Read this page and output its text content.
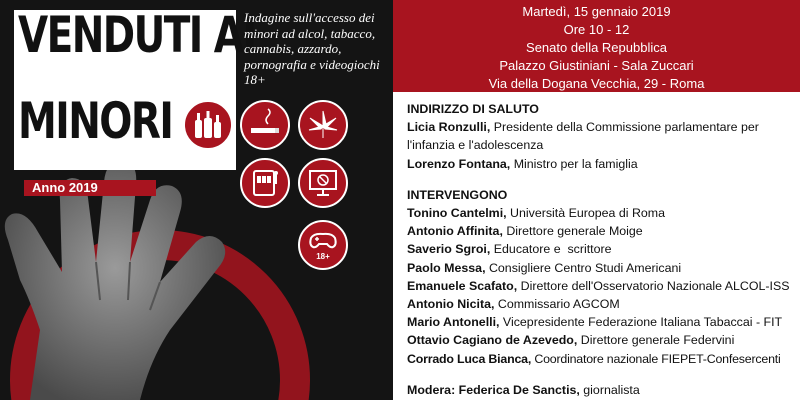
VENDUTI AI
MINORI
Anno 2019
Indagine sull'accesso dei minori ad alcol, tabacco, cannabis, azzardo, pornografia e videogiochi 18+
18+
Martedì, 15 gennaio 2019
Ore 10 - 12
Senato della Repubblica
Palazzo Giustiniani - Sala Zuccari
Via della Dogana Vecchia, 29 - Roma
INDIRIZZO DI SALUTO
Licia Ronzulli, Presidente della Commissione parlamentare per l'infanzia e l'adolescenza
Lorenzo Fontana, Ministro per la famiglia
INTERVENGONO
Tonino Cantelmi, Università Europea di Roma
Antonio Affinita, Direttore generale Moige
Saverio Sgroi, Educatore e  scrittore
Paolo Messa, Consigliere Centro Studi Americani
Emanuele Scafato, Direttore dell'Osservatorio Nazionale ALCOL-ISS
Antonio Nicita, Commissario AGCOM
Mario Antonelli, Vicepresidente Federazione Italiana Tabaccai - FIT
Ottavio Cagiano de Azevedo, Direttore generale Federvini
Corrado Luca Bianca, Coordinatore nazionale FIEPET-Confesercenti
Modera: Federica De Sanctis, giornalista
